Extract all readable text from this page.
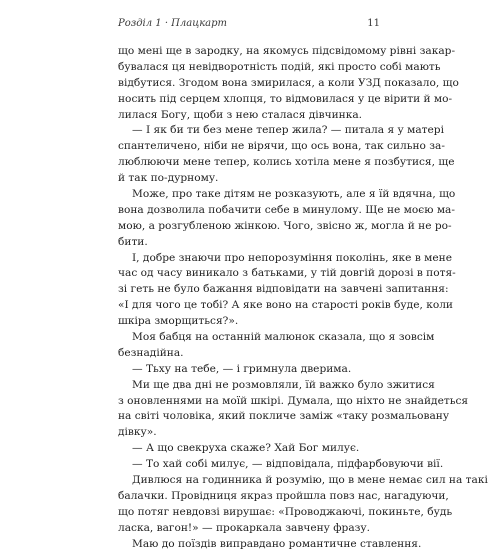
Розділ 1 · Плацкарт	11
що мені ще в зародку, на якомусь підсвідомому рівні закар-
бувалася ця невідворотність подій, які просто собі мають
відбутися. Згодом вона змирилася, а коли УЗД показало, що
носить під серцем хлопця, то відмовилася у це вірити й мо-
лилася Богу, щоби з нею сталася дівчинка.
— І як би ти без мене тепер жила? — питала я у матері
спантеличено, ніби не вірячи, що ось вона, так сильно за-
люблюючи мене тепер, колись хотіла мене я позбутися, ще
й так по-дурному.
Може, про таке дітям не розказують, але я їй вдячна, що
вона дозволила побачити себе в минулому. Ще не моєю ма-
мою, а розгубленою жінкою. Чого, звісно ж, могла й не ро-
бити.
І, добре знаючи про непорозуміння поколінь, яке в мене
час од часу виникало з батьками, у тій довгій дорозі в потя-
зі геть не було бажання відповідати на завчені запитання:
«І для чого це тобі? А яке воно на старості років буде, коли
шкіра зморщиться?».
Моя бабця на останній малюнок сказала, що я зовсім
безнадійна.
— Тьху на тебе, — і гримнула дверима.
Ми ще два дні не розмовляли, їй важко було зжитися
з оновленнями на моїй шкірі. Думала, що ніхто не знайдеться
на світі чоловіка, який покличе заміж «таку розмальовану
дівку».
— А що свекруха скаже? Хай Бог милує.
— То хай собі милує, — відповідала, підфарбовуючи вії.
Дивлюся на годинника й розумію, що в мене немає сил на такі
балачки. Провідниця якраз пройшла повз нас, нагадуючи,
що потяг невдовзі вирушає: «Проводжаючі, покиньте, будь
ласка, вагон!» — прокаркала завчену фразу.
Маю до поїздів виправдано романтичне ставлення.
